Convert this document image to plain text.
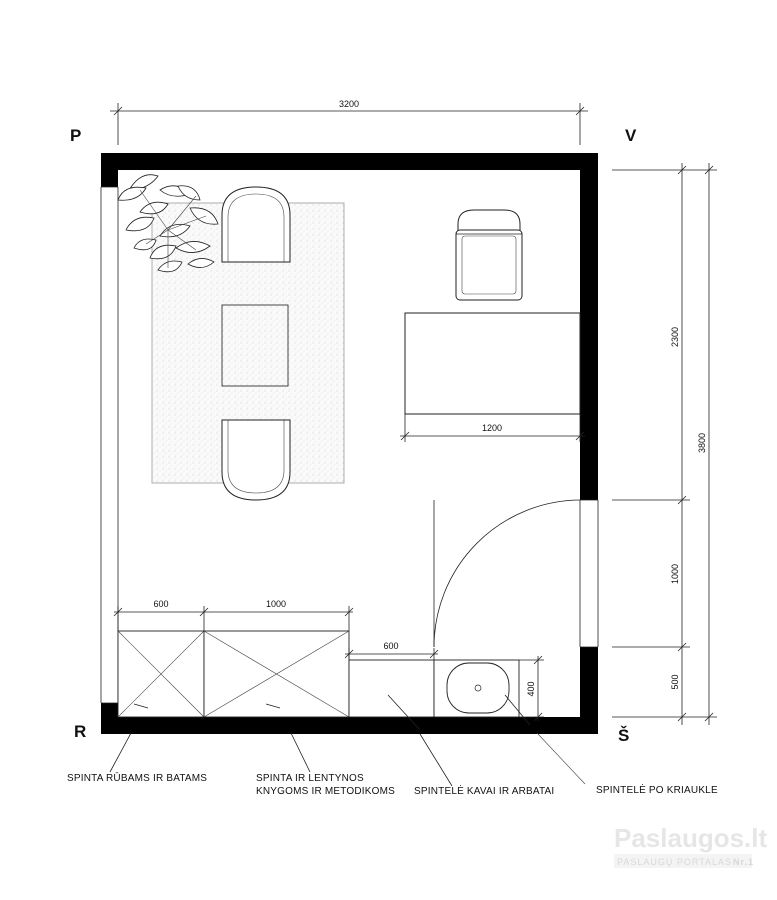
3200
2300
1000
500
3800
1200
600	1000
600
400
P	V
R	Š
SPINTA RŪBAMS IR BATAMS	SPINTA IR LENTYNOS
KNYGOMS IR METODIKOMS SPINTELĖ KAVAI IR ARBATAI	SPINTELĖ PO KRIAUKLE
Paslaugos.lt
PASLAUGŲ PORTALAS Nr.1
